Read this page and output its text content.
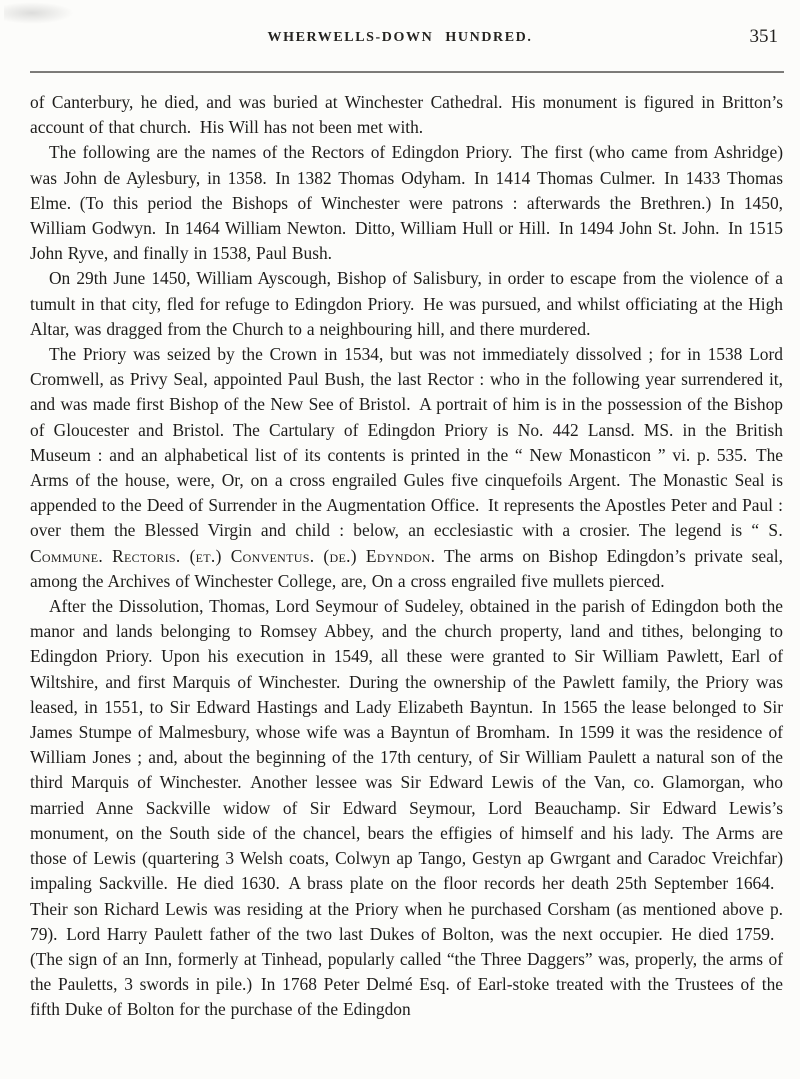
WHERWELLS-DOWN HUNDRED.	351

of Canterbury, he died, and was buried at Winchester Cathedral. His monument is figured in Britton’s account of that church. His Will has not been met with.

The following are the names of the Rectors of Edingdon Priory. The first (who came from Ashridge) was John de Aylesbury, in 1358. In 1382 Thomas Odyham. In 1414 Thomas Culmer. In 1433 Thomas Elme. (To this period the Bishops of Winchester were patrons : afterwards the Brethren.) In 1450, William Godwyn. In 1464 William Newton. Ditto, William Hull or Hill. In 1494 John St. John. In 1515 John Ryve, and finally in 1538, Paul Bush.

On 29th June 1450, William Ayscough, Bishop of Salisbury, in order to escape from the violence of a tumult in that city, fled for refuge to Edingdon Priory. He was pursued, and whilst officiating at the High Altar, was dragged from the Church to a neighbouring hill, and there murdered.

The Priory was seized by the Crown in 1534, but was not immediately dissolved ; for in 1538 Lord Cromwell, as Privy Seal, appointed Paul Bush, the last Rector : who in the following year surrendered it, and was made first Bishop of the New See of Bristol. A portrait of him is in the possession of the Bishop of Gloucester and Bristol. The Cartulary of Edingdon Priory is No. 442 Lansd. MS. in the British Museum : and an alphabetical list of its contents is printed in the “ New Monasticon ” vi. p. 535. The Arms of the house, were, Or, on a cross engrailed Gules five cinquefoils Argent. The Monastic Seal is appended to the Deed of Surrender in the Augmentation Office. It represents the Apostles Peter and Paul : over them the Blessed Virgin and child : below, an ecclesiastic with a crosier. The legend is “ S. Commune. Rectoris. (et.) Conventus. (de.) Edyndon. The arms on Bishop Edingdon’s private seal, among the Archives of Winchester College, are, On a cross engrailed five mullets pierced.

After the Dissolution, Thomas, Lord Seymour of Sudeley, obtained in the parish of Edingdon both the manor and lands belonging to Romsey Abbey, and the church property, land and tithes, belonging to Edingdon Priory. Upon his execution in 1549, all these were granted to Sir William Pawlett, Earl of Wiltshire, and first Marquis of Winchester. During the ownership of the Pawlett family, the Priory was leased, in 1551, to Sir Edward Hastings and Lady Elizabeth Bayntun. In 1565 the lease belonged to Sir James Stumpe of Malmesbury, whose wife was a Bayntun of Bromham. In 1599 it was the residence of William Jones ; and, about the beginning of the 17th century, of Sir William Paulett a natural son of the third Marquis of Winchester. Another lessee was Sir Edward Lewis of the Van, co. Glamorgan, who married Anne Sackville widow of Sir Edward Seymour, Lord Beauchamp. Sir Edward Lewis’s monument, on the South side of the chancel, bears the effigies of himself and his lady. The Arms are those of Lewis (quartering 3 Welsh coats, Colwyn ap Tango, Gestyn ap Gwrgant and Caradoc Vreichfar) impaling Sackville. He died 1630. A brass plate on the floor records her death 25th September 1664. Their son Richard Lewis was residing at the Priory when he purchased Corsham (as mentioned above p. 79). Lord Harry Paulett father of the two last Dukes of Bolton, was the next occupier. He died 1759. (The sign of an Inn, formerly at Tinhead, popularly called “the Three Daggers” was, properly, the arms of the Pauletts, 3 swords in pile.) In 1768 Peter Delmé Esq. of Earl-stoke treated with the Trustees of the fifth Duke of Bolton for the purchase of the Edingdon
